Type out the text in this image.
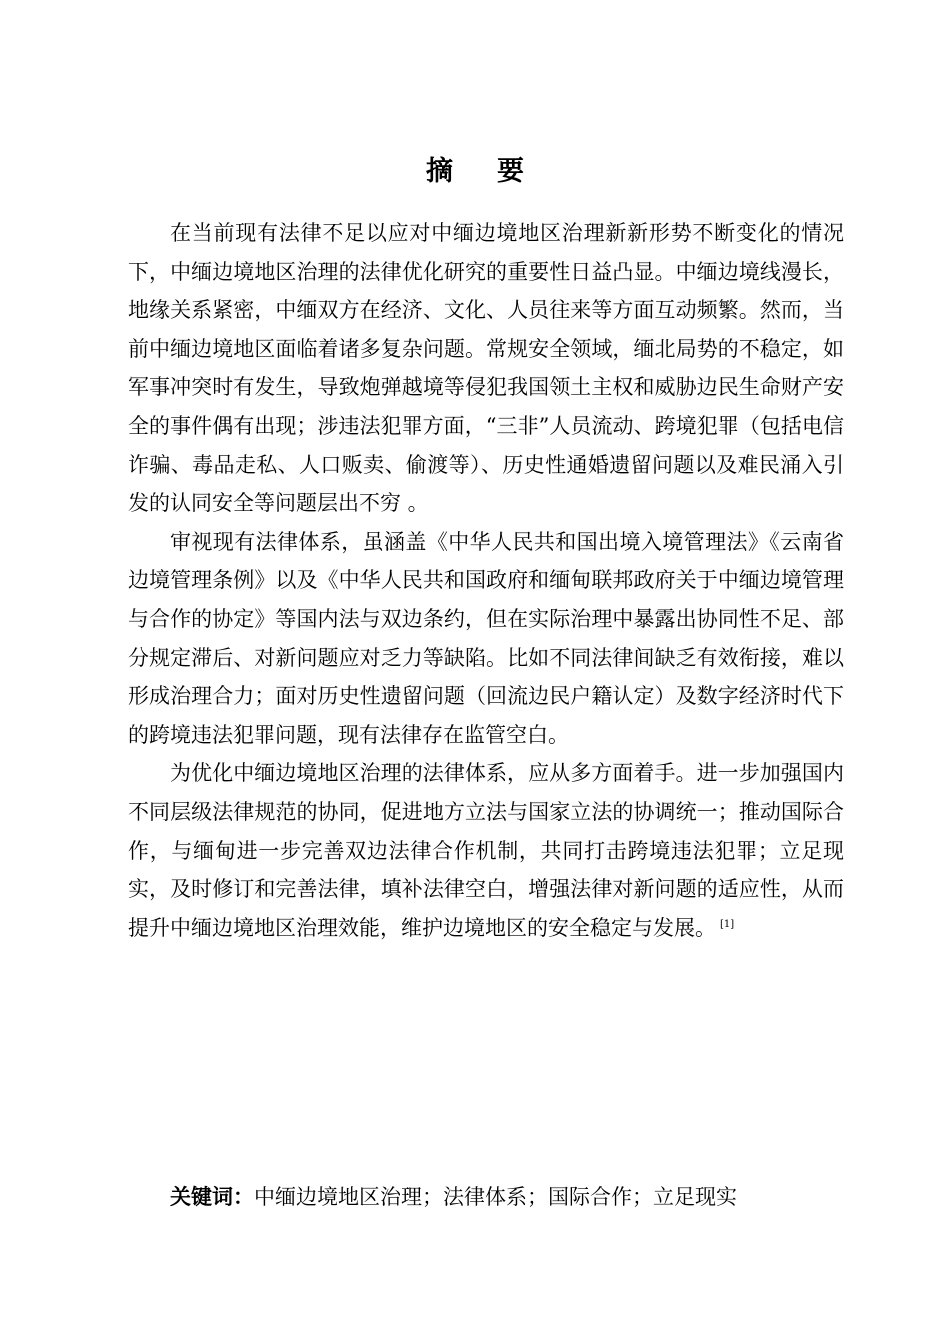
摘 要

在当前现有法律不足以应对中缅边境地区治理新新形势不断变化的情况下，中缅边境地区治理的法律优化研究的重要性日益凸显。中缅边境线漫长，地缘关系紧密，中缅双方在经济、文化、人员往来等方面互动频繁。然而，当前中缅边境地区面临着诸多复杂问题。常规安全领域，缅北局势的不稳定，如军事冲突时有发生，导致炮弹越境等侵犯我国领土主权和威胁边民生命财产安全的事件偶有出现；涉违法犯罪方面，“三非”人员流动、跨境犯罪（包括电信诈骗、毒品走私、人口贩卖、偷渡等）、历史性通婚遗留问题以及难民涌入引发的认同安全等问题层出不穷 。

审视现有法律体系，虽涵盖《中华人民共和国出境入境管理法》《云南省边境管理条例》以及《中华人民共和国政府和缅甸联邦政府关于中缅边境管理与合作的协定》等国内法与双边条约，但在实际治理中暴露出协同性不足、部分规定滞后、对新问题应对乏力等缺陷。比如不同法律间缺乏有效衔接，难以形成治理合力；面对历史性遗留问题（回流边民户籍认定）及数字经济时代下的跨境违法犯罪问题，现有法律存在监管空白。

为优化中缅边境地区治理的法律体系，应从多方面着手。进一步加强国内不同层级法律规范的协同，促进地方立法与国家立法的协调统一；推动国际合作，与缅甸进一步完善双边法律合作机制，共同打击跨境违法犯罪；立足现实，及时修订和完善法律，填补法律空白，增强法律对新问题的适应性，从而提升中缅边境地区治理效能，维护边境地区的安全稳定与发展。 [1]

关键词：中缅边境地区治理；法律体系；国际合作；立足现实
